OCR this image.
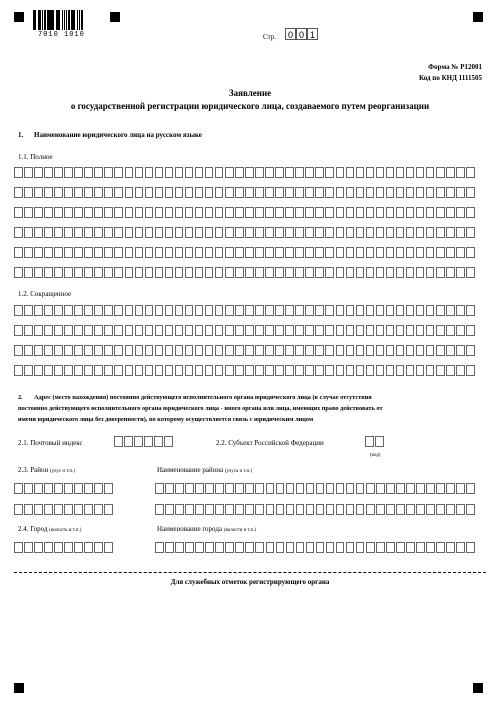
7010 1010	Стр.	0 0 1
Форма № Р12001
Код по КНД 1111505
Заявление
о государственной регистрации юридического лица, создаваемого путем реорганизации
1. Наименование юридического лица на русском языке
1.1. Полное
1.2. Сокращенное
2. Адрес (место нахождения) постоянно действующего исполнительного органа юридического лица (в случае отсутствия
постоянно действующего исполнительного органа юридического лица - иного органа или лица, имеющих право действовать от
имени юридического лица без доверенности), по которому осуществляется связь с юридическим лицом
2.1. Почтовый индекс	2.2. Субъект Российской Федерации
(код)
2.3. Район (улус и т.п.)	Наименование района (улуса и т.п.)
2.4. Город (волость и т.п.)	Наименование города (волости и т.п.)
Для служебных отметок регистрирующего органа
